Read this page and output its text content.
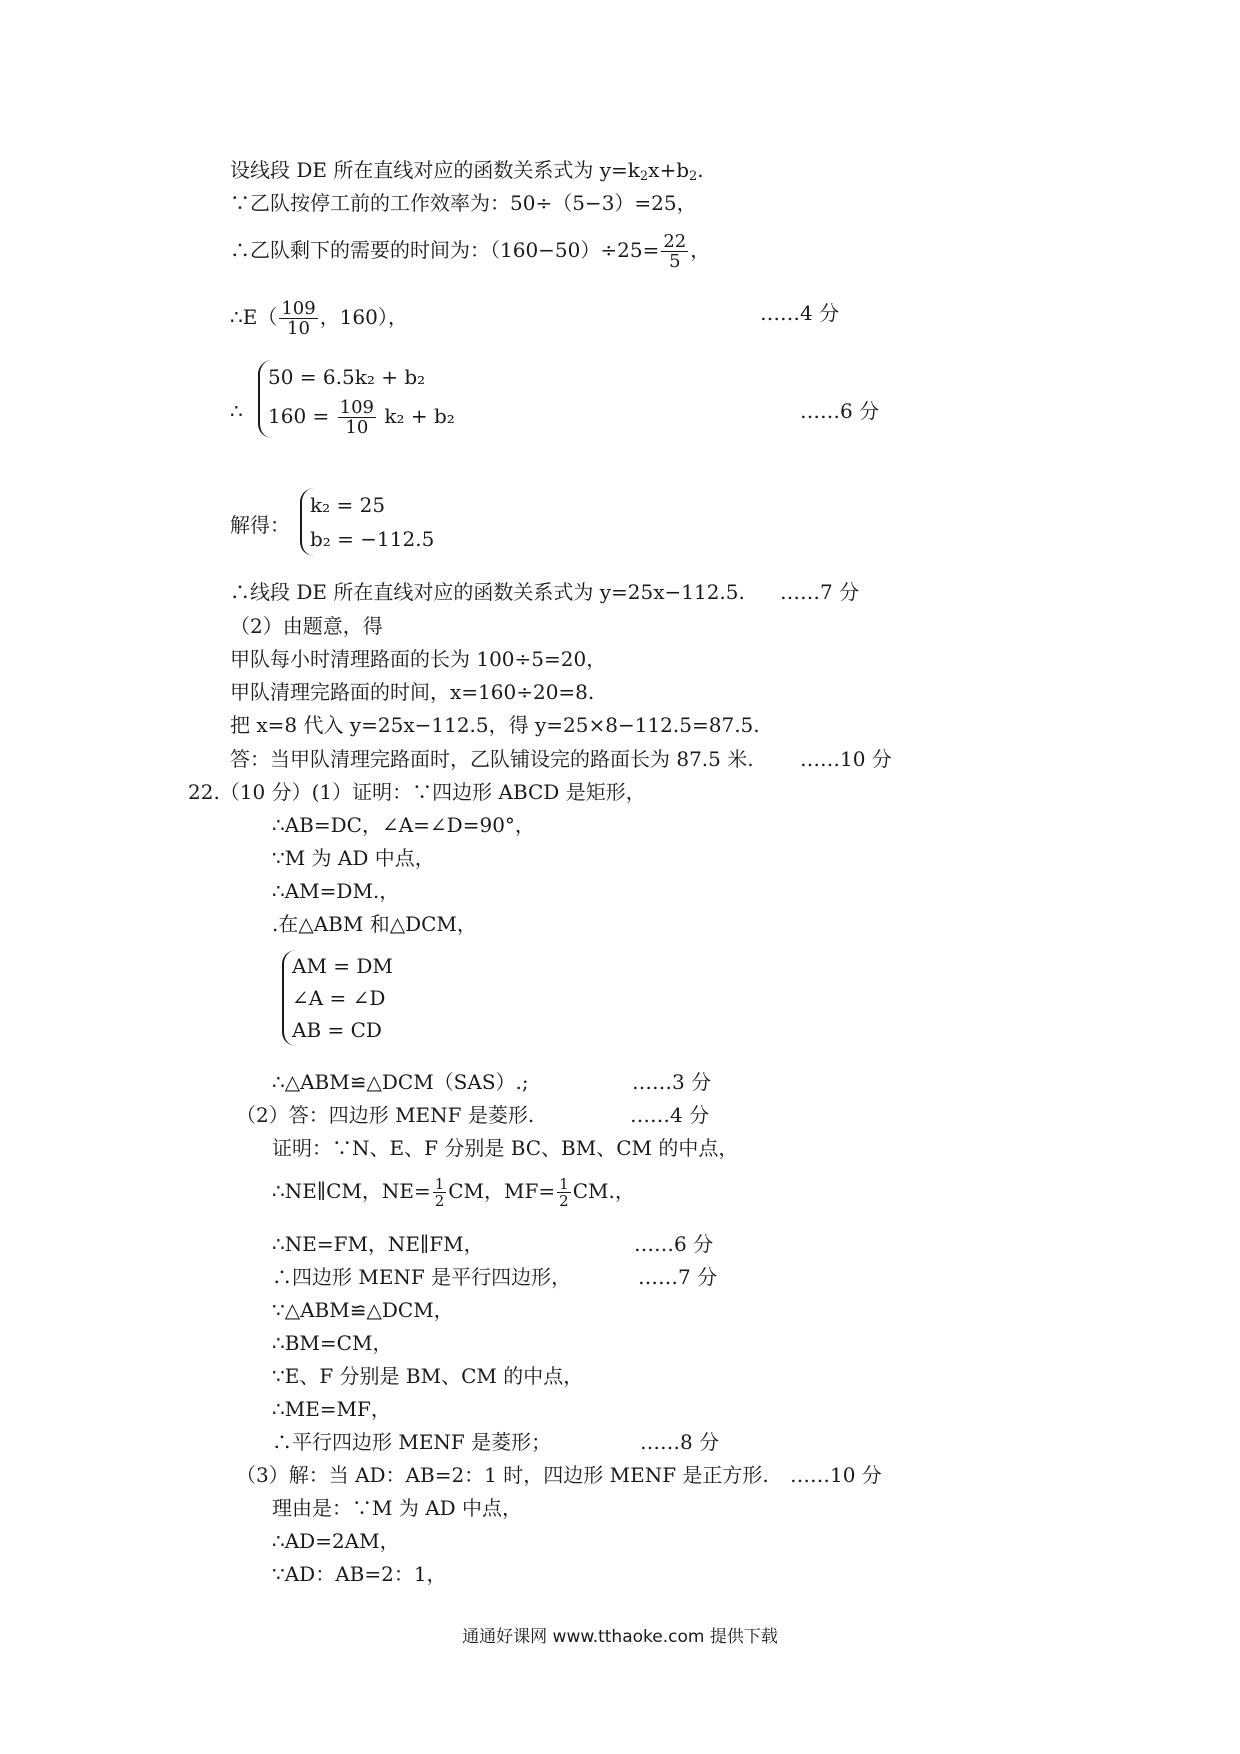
设线段 DE 所在直线对应的函数关系式为 $y=k_2x+b_2$.
∵乙队按停工前的工作效率为：50÷（5−3）=25，
∴乙队剩下的需要的时间为：$(160-50)\div 25= \frac{22}{5}$ ，
∴E（ $\frac{109}{10}$ ，160），	……4 分
∴
50 = 6.5k₂ + b₂
$160 = \frac{109}{10} k_2 + b_2$	……6 分
解得：
k₂ = 25
b₂ = −112.5
∴线段 DE 所在直线对应的函数关系式为 y=25x−112.5. ……7 分
（2）由题意，得
甲队每小时清理路面的长为 100÷5=20，
甲队清理完路面的时间，x=160÷20=8.
把 x=8 代入 y=25x−112.5，得 y=25×8−112.5=87.5.
答：当甲队清理完路面时，乙队铺设完的路面长为 87.5 米. ……10 分
22.（10 分）(1）证明：∵四边形 ABCD 是矩形，
∴AB=DC，∠A=∠D=90°，
∵M 为 AD 中点，
∴AM=DM.，
.在△ABM 和△DCM，
AM = DM
∠A = ∠D
AB = CD
∴△ABM≌△DCM（SAS）.;	……3 分
（2）答：四边形 MENF 是菱形.	……4 分
证明：∵N、E、F 分别是 BC、BM、CM 的中点，
∴NE∥CM，$NE= \frac{1}{2}$ CM，$MF= \frac{1}{2}$ CM.，
∴NE=FM，NE∥FM，	……6 分
∴四边形 MENF 是平行四边形，	……7 分
∵△ABM≌△DCM，
∴BM=CM，
∵E、F 分别是 BM、CM 的中点，
∴ME=MF，
∴平行四边形 MENF 是菱形；	……8 分
（3）解：当 AD：AB=2：1 时，四边形 MENF 是正方形. ……10 分
理由是：∵M 为 AD 中点，
∴AD=2AM，
∵AD：AB=2：1，
通通好课网 www.tthaoke.com 提供下载
